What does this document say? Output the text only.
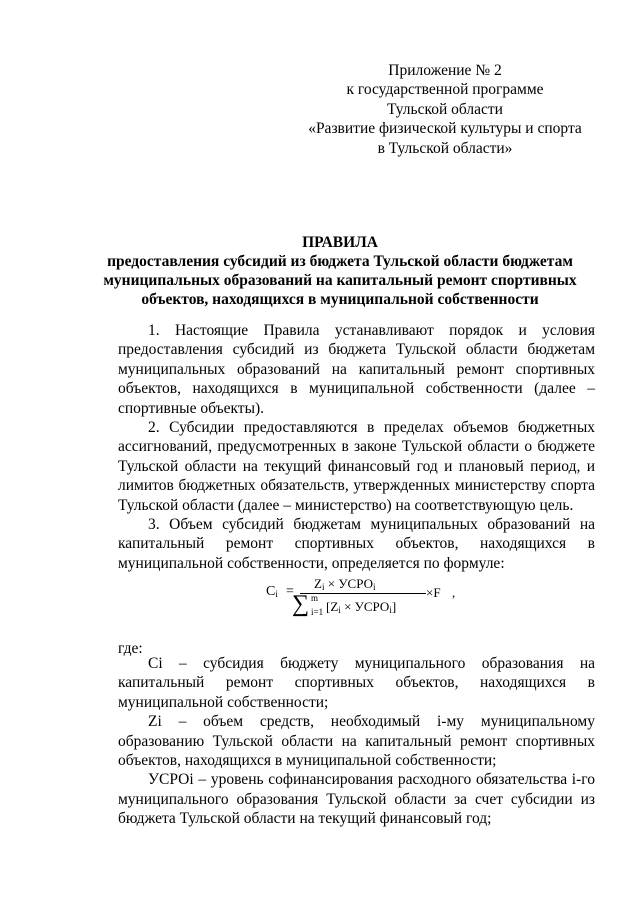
Приложение № 2
к государственной программе
Тульской области
«Развитие физической культуры и спорта
в Тульской области»
ПРАВИЛА
предоставления субсидий из бюджета Тульской области бюджетам
муниципальных образований на капитальный ремонт спортивных
объектов, находящихся в муниципальной собственности

1. Настоящие Правила устанавливают порядок и условия предоставления субсидий из бюджета Тульской области бюджетам муниципальных образований на капитальный ремонт спортивных объектов, находящихся в муниципальной собственности (далее – спортивные объекты).

2. Субсидии предоставляются в пределах объемов бюджетных ассигнований, предусмотренных в законе Тульской области о бюджете Тульской области на текущий финансовый год и плановый период, и лимитов бюджетных обязательств, утвержденных министерству спорта Тульской области (далее – министерство) на соответствующую цель.

3. Объем субсидий бюджетам муниципальных образований на капитальный ремонт спортивных объектов, находящихся в муниципальной собственности, определяется по формуле:

$C_i$ =
$Z_i$ × $УСРО_i$
∑ m
i=1 [$Z_i$ × $УСРО_i$]
×F ,
где:

Ci – субсидия бюджету муниципального образования на капитальный ремонт спортивных объектов, находящихся в муниципальной собственности;

Zi – объем средств, необходимый i-му муниципальному образованию Тульской области на капитальный ремонт спортивных объектов, находящихся в муниципальной собственности;

УСРОi – уровень софинансирования расходного обязательства i-го муниципального образования Тульской области за счет субсидии из бюджета Тульской области на текущий финансовый год;
